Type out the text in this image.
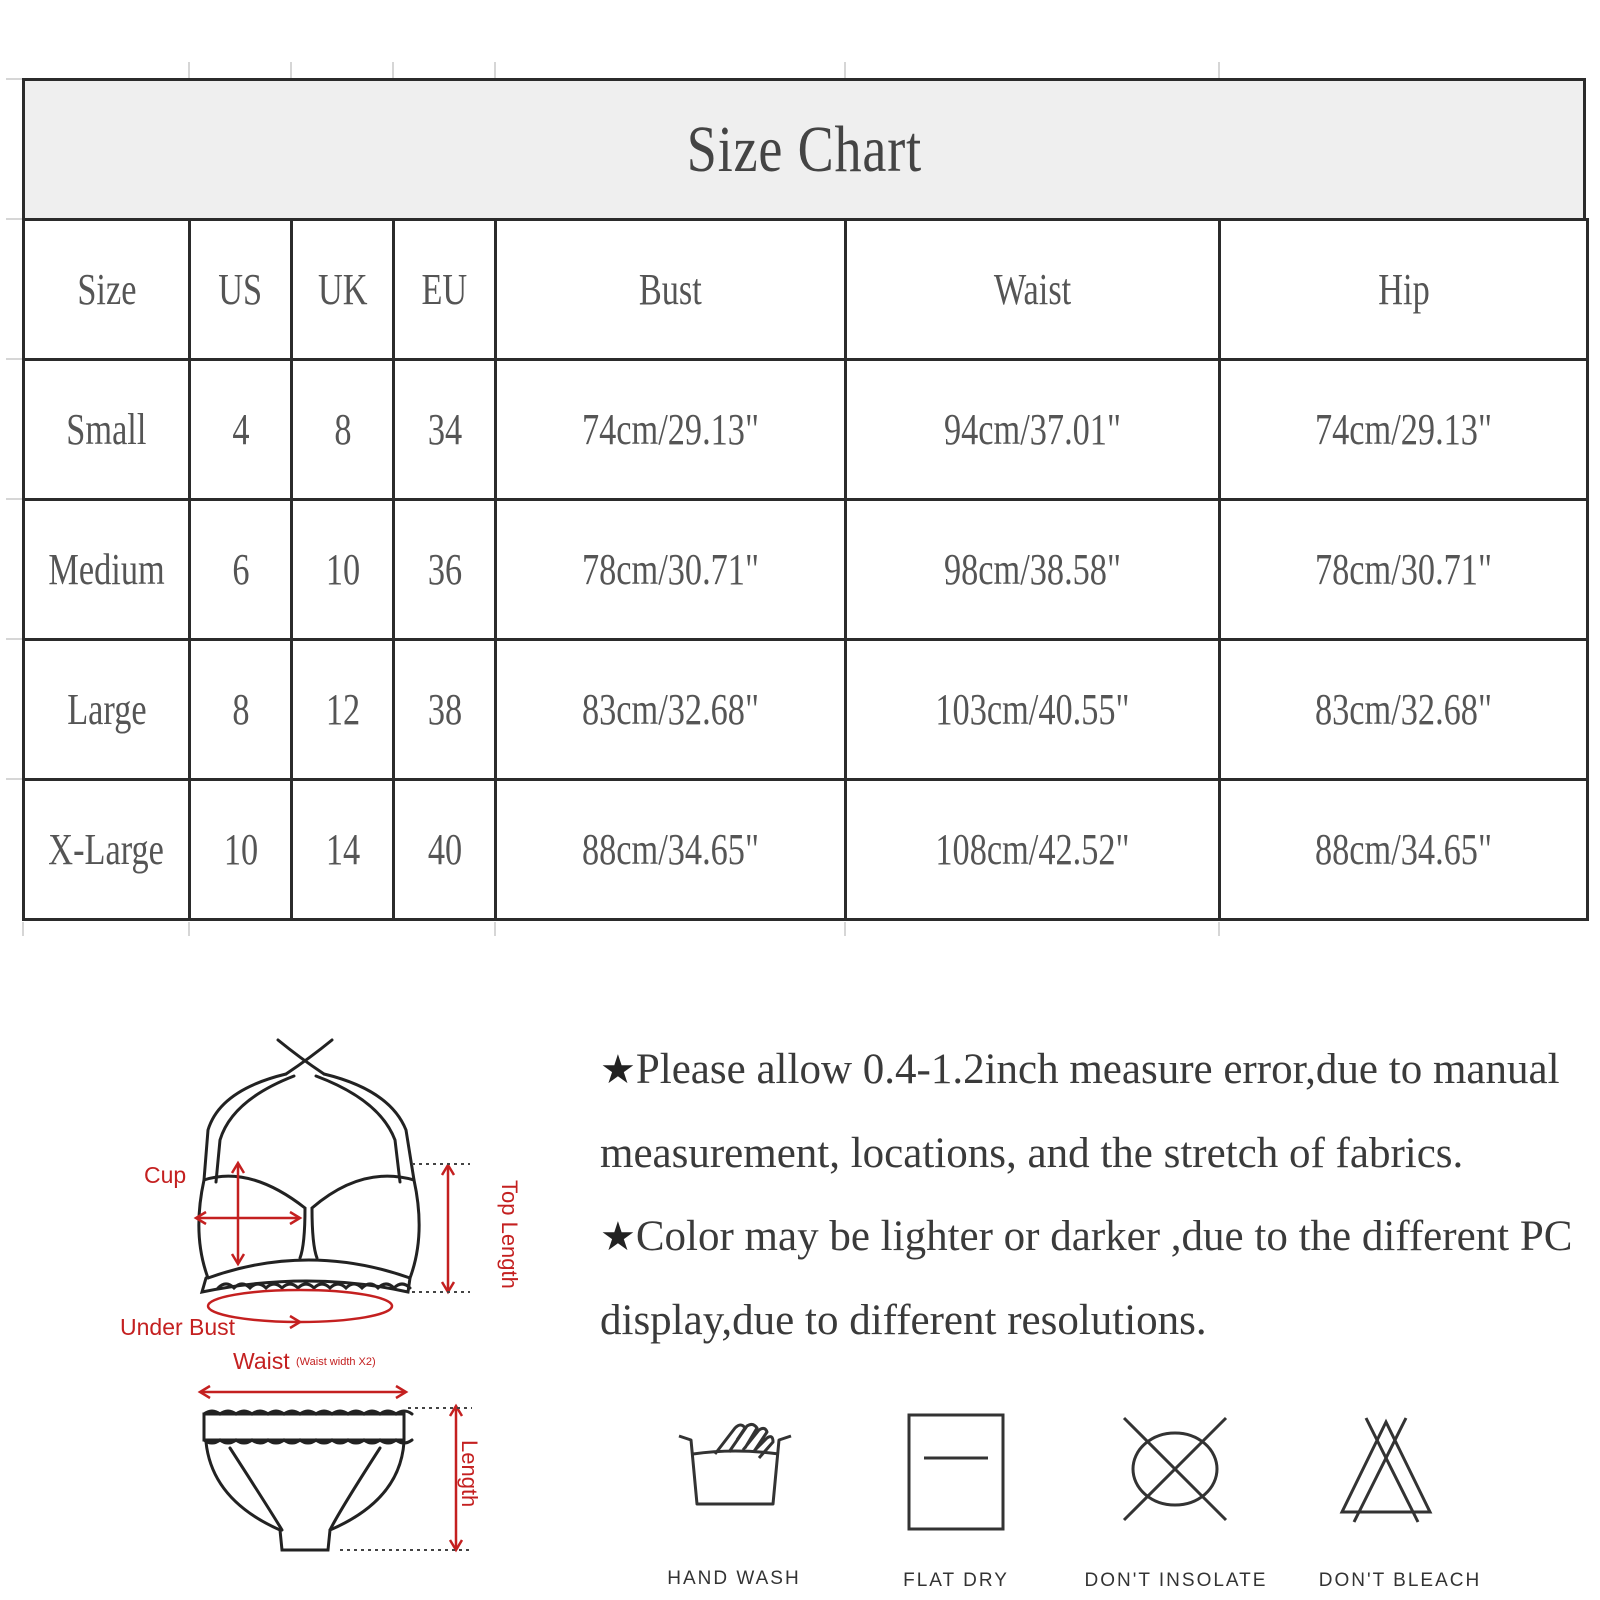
Size Chart
Size	US	UK	EU	Bust	Waist	Hip
Small	4	8	34	74cm/29.13"	94cm/37.01"	74cm/29.13"
Medium	6	10	36	78cm/30.71"	98cm/38.58"	78cm/30.71"
Large	8	12	38	83cm/32.68"	103cm/40.55"	83cm/32.68"
X-Large	10	14	40	88cm/34.65"	108cm/42.52"	88cm/34.65"
Cup
Top Length
Under Bust
Waist (Waist width X2)
Length

★Please allow 0.4-1.2inch measure error,due to manual measurement, locations, and the stretch of fabrics.

★Color may be lighter or darker ,due to the different PC display,due to different resolutions.

HAND WASH	FLAT DRY	DON'T INSOLATE	DON'T BLEACH
